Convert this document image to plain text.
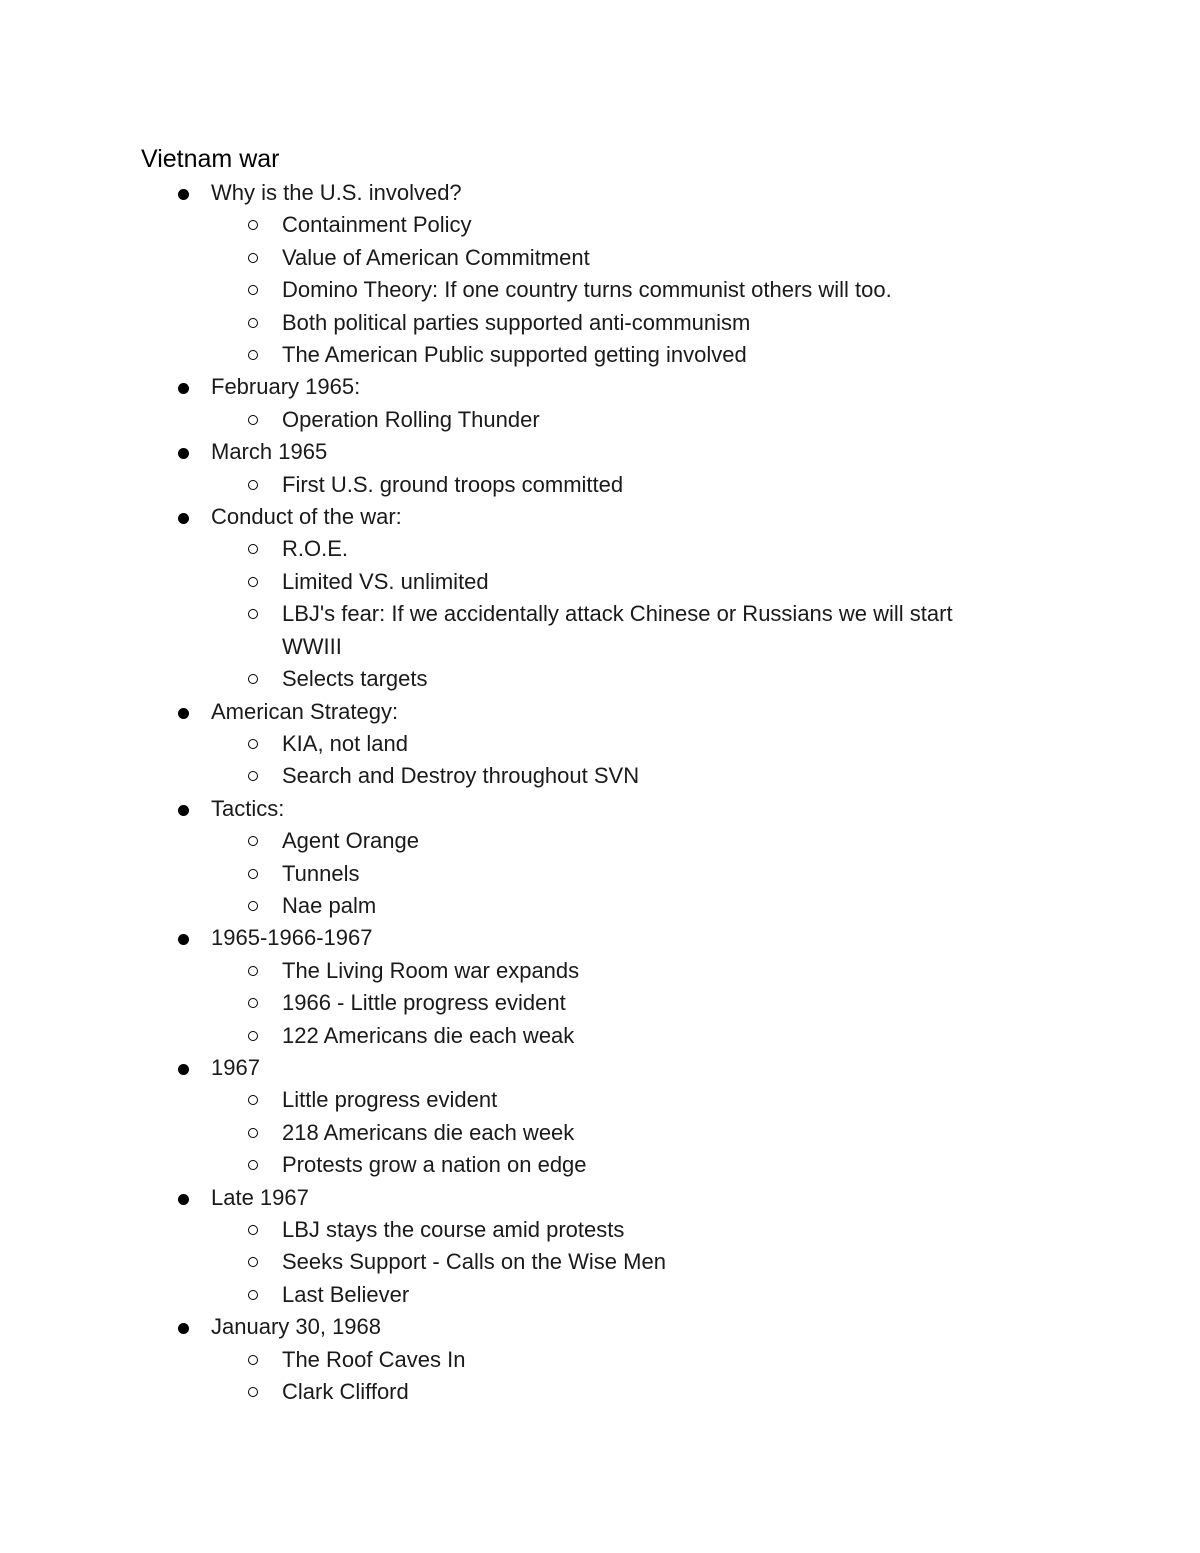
Vietnam war
Why is the U.S. involved?
Containment Policy
Value of American Commitment
Domino Theory: If one country turns communist others will too.
Both political parties supported anti-communism
The American Public supported getting involved
February 1965:
Operation Rolling Thunder
March 1965
First U.S. ground troops committed
Conduct of the war:
R.O.E.
Limited VS. unlimited
LBJ's fear: If we accidentally attack Chinese or Russians we will start WWIII
Selects targets
American Strategy:
KIA, not land
Search and Destroy throughout SVN
Tactics:
Agent Orange
Tunnels
Nae palm
1965-1966-1967
The Living Room war expands
1966 - Little progress evident
122 Americans die each weak
1967
Little progress evident
218 Americans die each week
Protests grow a nation on edge
Late 1967
LBJ stays the course amid protests
Seeks Support - Calls on the Wise Men
Last Believer
January 30, 1968
The Roof Caves In
Clark Clifford
